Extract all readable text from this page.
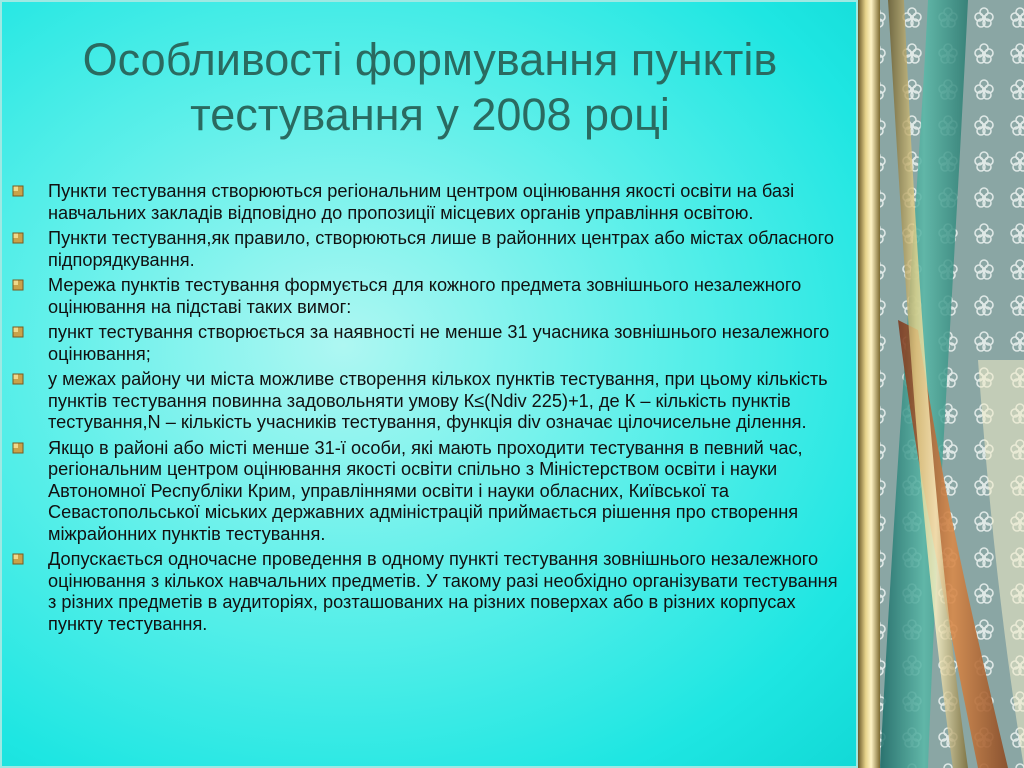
Особливості формування пунктів
тестування у 2008 році
Пункти тестування створюються регіональним центром оцінювання якості освіти на базі навчальних закладів відповідно до пропозиції місцевих органів управління освітою.
Пункти тестування,як правило, створюються лише в районних центрах або містах обласного підпорядкування.
Мережа пунктів тестування формується для кожного предмета зовнішнього незалежного оцінювання на підставі таких вимог:
пункт тестування створюється за наявності не менше 31 учасника зовнішнього незалежного оцінювання;
у межах району чи міста можливе створення кількох пунктів тестування, при цьому кількість пунктів тестування повинна задовольняти умову К≤(Ndiv 225)+1, де К – кількість пунктів тестування,N – кількість учасників тестування, функція div означає цілочисельне ділення.
Якщо в районі або місті менше 31-ї особи, які мають проходити тестування в певний час, регіональним центром оцінювання якості освіти спільно з Міністерством освіти і науки Автономної Республіки Крим, управліннями освіти і науки обласних, Київської та Севастопольської міських державних адміністрацій приймається рішення про створення міжрайонних пунктів тестування.
Допускається одночасне проведення в одному пункті тестування зовнішнього незалежного оцінювання з кількох навчальних предметів. У такому разі необхідно організувати тестування з різних предметів в аудиторіях, розташованих на різних поверхах або в різних корпусах пункту тестування.
